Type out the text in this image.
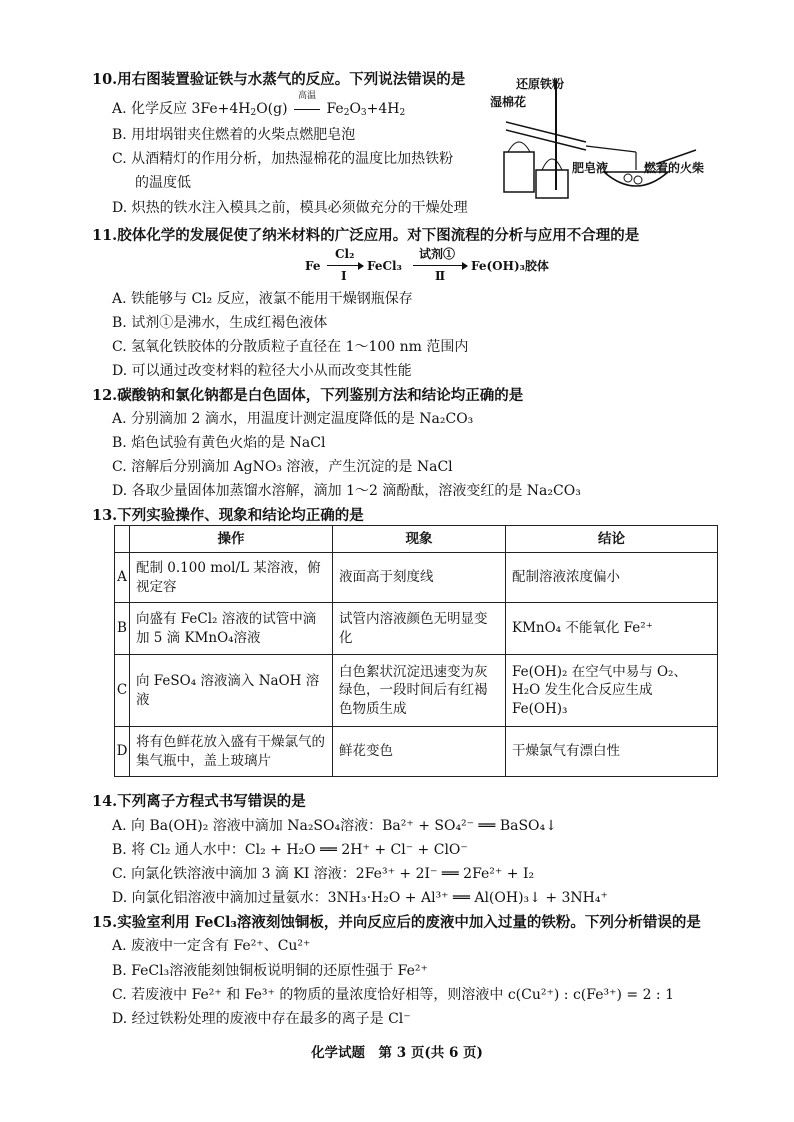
10.用右图装置验证铁与水蒸气的反应。下列说法错误的是
A. 化学反应 $3Fe+4H_2O(g)$
高温
$Fe_2O_3+4H_2$
B. 用坩埚钳夹住燃着的火柴点燃肥皂泡
C. 从酒精灯的作用分析，加热湿棉花的温度比加热铁粉
的温度低
D. 炽热的铁水注入模具之前，模具必须做充分的干燥处理
还原铁粉
湿棉花
肥皂液	燃着的火柴
11.胶体化学的发展促使了纳米材料的广泛应用。对下图流程的分析与应用不合理的是
Fe
Cl₂
Ⅰ
FeCl₃
试剂①
Ⅱ
Fe(OH)₃胶体
A. 铁能够与 Cl₂ 反应，液氯不能用干燥钢瓶保存
B. 试剂①是沸水，生成红褐色液体
C. 氢氧化铁胶体的分散质粒子直径在 1～100 nm 范围内
D. 可以通过改变材料的粒径大小从而改变其性能
12.碳酸钠和氯化钠都是白色固体，下列鉴别方法和结论均正确的是
A. 分别滴加 2 滴水，用温度计测定温度降低的是 Na₂CO₃
B. 焰色试验有黄色火焰的是 NaCl
C. 溶解后分别滴加 AgNO₃ 溶液，产生沉淀的是 NaCl
D. 各取少量固体加蒸馏水溶解，滴加 1～2 滴酚酞，溶液变红的是 Na₂CO₃
13.下列实验操作、现象和结论均正确的是
	操作	现象	结论
A	配制 0.100 mol/L 某溶液，俯视定容	液面高于刻度线	配制溶液浓度偏小
B	向盛有 FeCl₂ 溶液的试管中滴加 5 滴 KMnO₄溶液	试管内溶液颜色无明显变化	KMnO₄ 不能氧化 Fe²⁺
C	向 FeSO₄ 溶液滴入 NaOH 溶液	白色絮状沉淀迅速变为灰绿色，一段时间后有红褐色物质生成	Fe(OH)₂ 在空气中易与 O₂、H₂O 发生化合反应生成 Fe(OH)₃
D	将有色鲜花放入盛有干燥氯气的集气瓶中，盖上玻璃片	鲜花变色	干燥氯气有漂白性
14.下列离子方程式书写错误的是
A. 向 Ba(OH)₂ 溶液中滴加 Na₂SO₄溶液：Ba²⁺ + SO₄²⁻ ══ BaSO₄↓
B. 将 Cl₂ 通人水中：Cl₂ + H₂O ══ 2H⁺ + Cl⁻ + ClO⁻
C. 向氯化铁溶液中滴加 3 滴 KI 溶液：2Fe³⁺ + 2I⁻ ══ 2Fe²⁺ + I₂
D. 向氯化铝溶液中滴加过量氨水：3NH₃·H₂O + Al³⁺ ══ Al(OH)₃↓ + 3NH₄⁺
15.实验室利用 FeCl₃溶液刻蚀铜板，并向反应后的废液中加入过量的铁粉。下列分析错误的是
A. 废液中一定含有 Fe²⁺、Cu²⁺
B. FeCl₃溶液能刻蚀铜板说明铜的还原性强于 Fe²⁺
C. 若废液中 Fe²⁺ 和 Fe³⁺ 的物质的量浓度恰好相等，则溶液中 c(Cu²⁺) : c(Fe³⁺) = 2 : 1
D. 经过铁粉处理的废液中存在最多的离子是 Cl⁻
化学试题　第 3 页(共 6 页)
